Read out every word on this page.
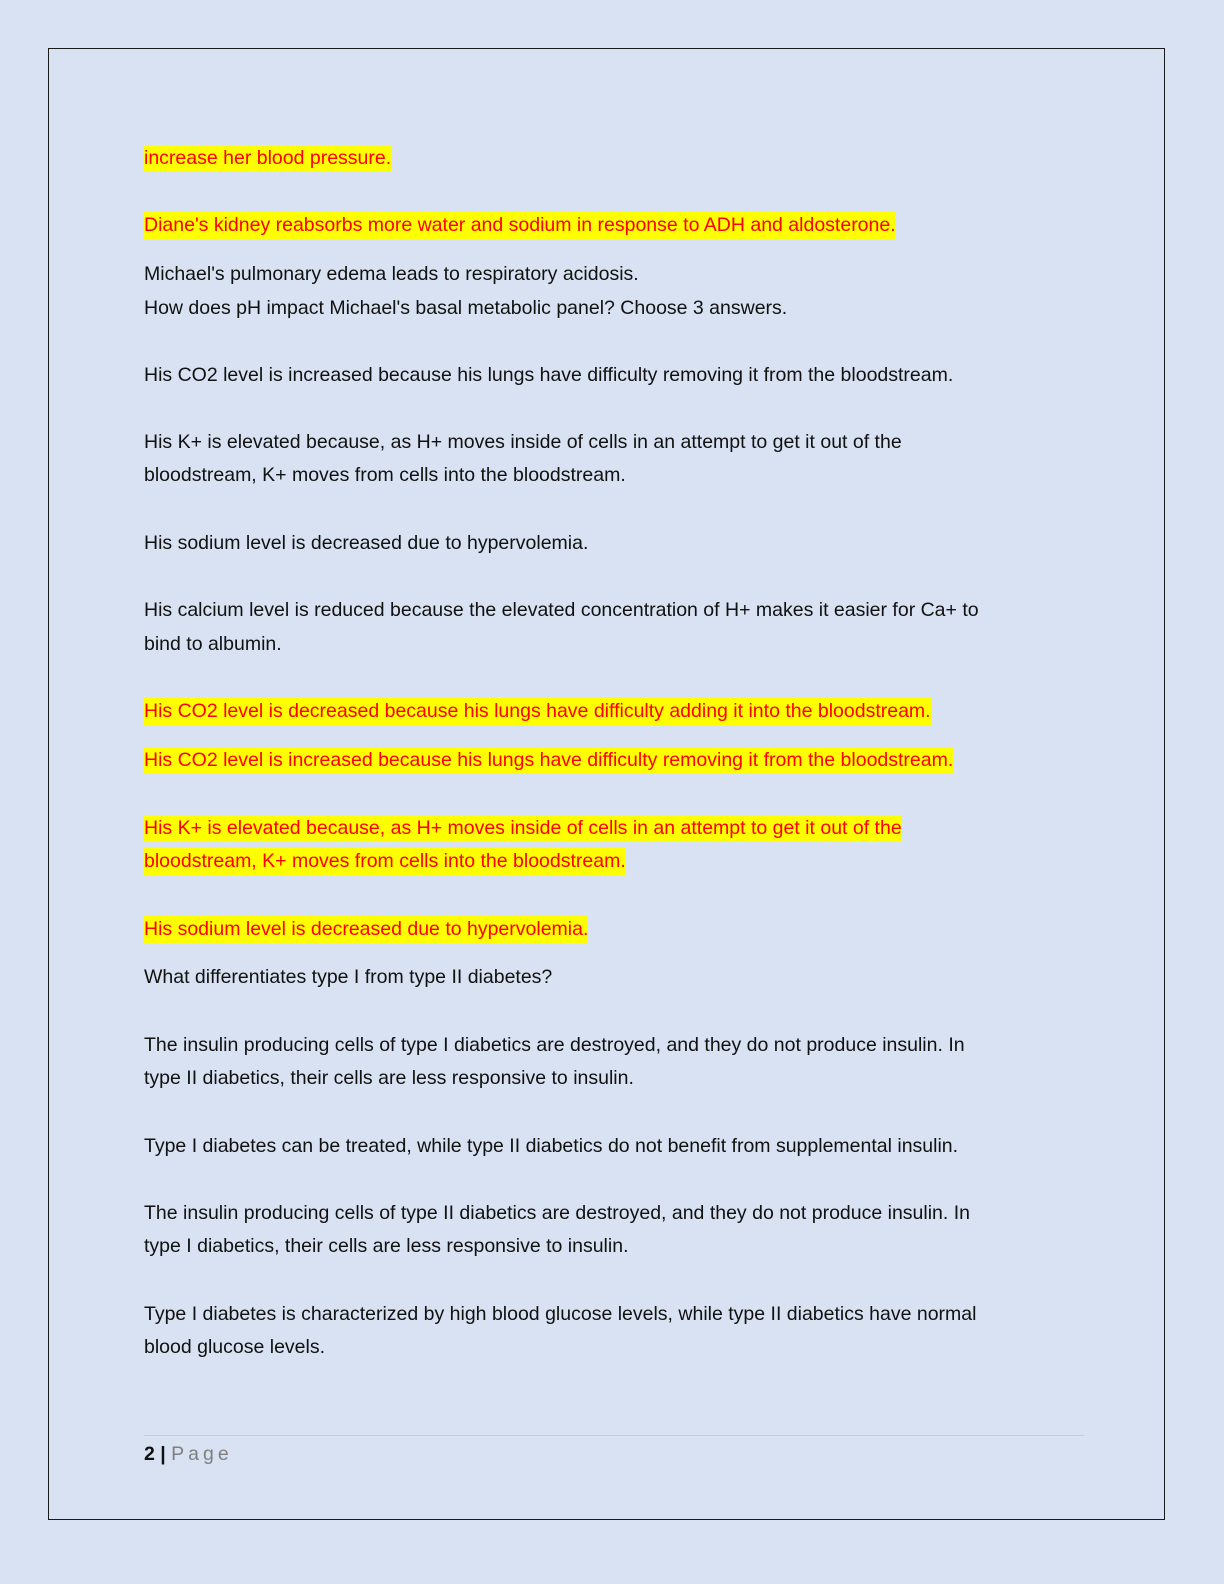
increase her blood pressure.
Diane's kidney reabsorbs more water and sodium in response to ADH and aldosterone.
Michael's pulmonary edema leads to respiratory acidosis.
How does pH impact Michael's basal metabolic panel? Choose 3 answers.
His CO2 level is increased because his lungs have difficulty removing it from the bloodstream.
His K+ is elevated because, as H+ moves inside of cells in an attempt to get it out of the
bloodstream, K+ moves from cells into the bloodstream.
His sodium level is decreased due to hypervolemia.
His calcium level is reduced because the elevated concentration of H+ makes it easier for Ca+ to
bind to albumin.
His CO2 level is decreased because his lungs have difficulty adding it into the bloodstream.
His CO2 level is increased because his lungs have difficulty removing it from the bloodstream.
His K+ is elevated because, as H+ moves inside of cells in an attempt to get it out of the
bloodstream, K+ moves from cells into the bloodstream.
His sodium level is decreased due to hypervolemia.
What differentiates type I from type II diabetes?
The insulin producing cells of type I diabetics are destroyed, and they do not produce insulin. In
type II diabetics, their cells are less responsive to insulin.
Type I diabetes can be treated, while type II diabetics do not benefit from supplemental insulin.
The insulin producing cells of type II diabetics are destroyed, and they do not produce insulin. In
type I diabetics, their cells are less responsive to insulin.
Type I diabetes is characterized by high blood glucose levels, while type II diabetics have normal
blood glucose levels.
2 | Page
